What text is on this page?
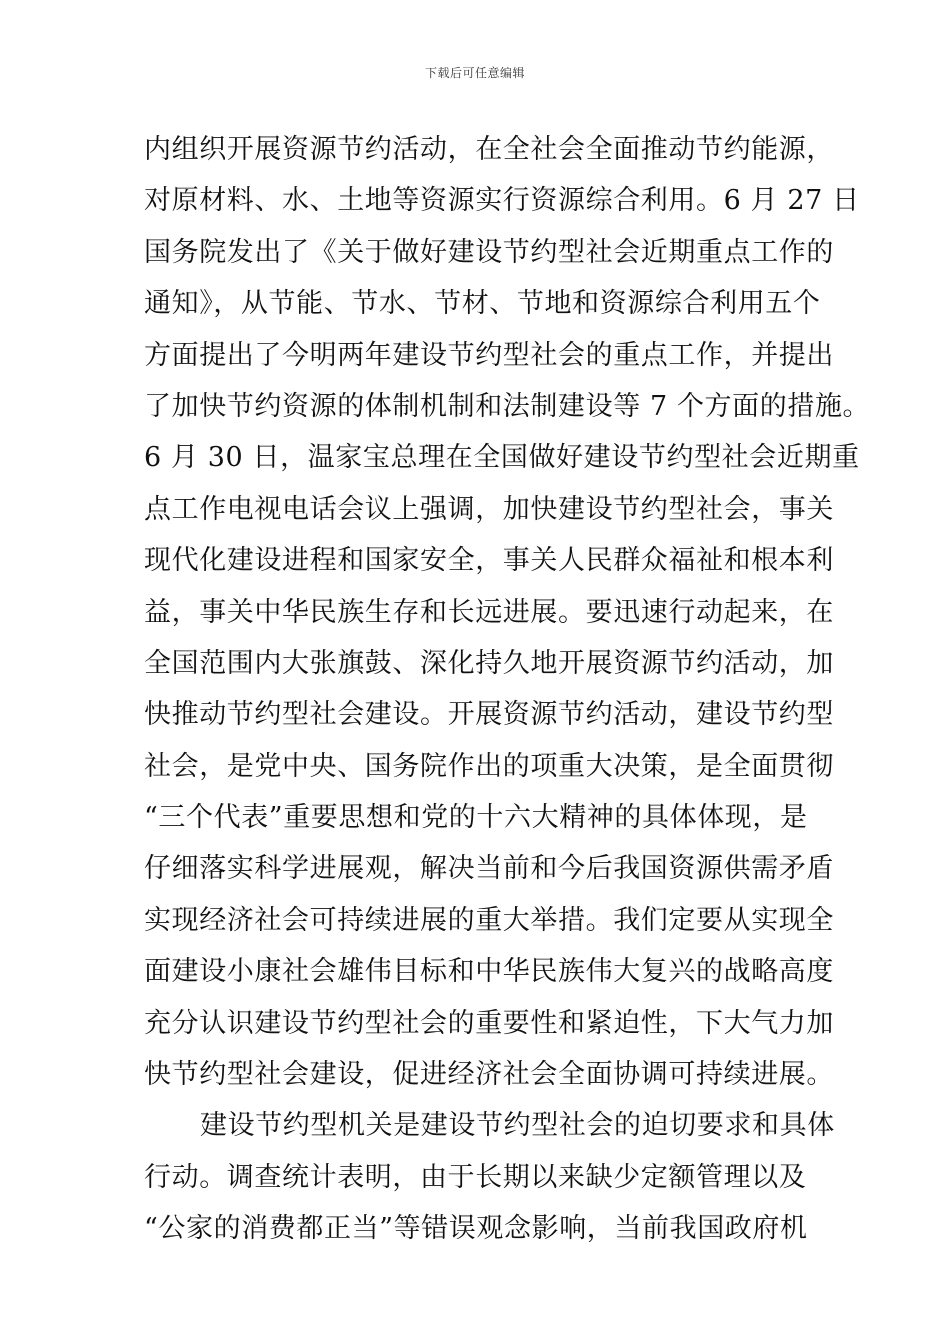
下载后可任意编辑
内组织开展资源节约活动，在全社会全面推动节约能源，
对原材料、水、土地等资源实行资源综合利用。6 月 27 日
国务院发出了《关于做好建设节约型社会近期重点工作的
通知》，从节能、节水、节材、节地和资源综合利用五个
方面提出了今明两年建设节约型社会的重点工作，并提出
了加快节约资源的体制机制和法制建设等 7 个方面的措施。
6 月 30 日，温家宝总理在全国做好建设节约型社会近期重
点工作电视电话会议上强调，加快建设节约型社会，事关
现代化建设进程和国家安全，事关人民群众福祉和根本利
益，事关中华民族生存和长远进展。要迅速行动起来，在
全国范围内大张旗鼓、深化持久地开展资源节约活动，加
快推动节约型社会建设。开展资源节约活动，建设节约型
社会，是党中央、国务院作出的项重大决策，是全面贯彻
“三个代表”重要思想和党的十六大精神的具体体现，是
仔细落实科学进展观，解决当前和今后我国资源供需矛盾
实现经济社会可持续进展的重大举措。我们定要从实现全
面建设小康社会雄伟目标和中华民族伟大复兴的战略高度
充分认识建设节约型社会的重要性和紧迫性，下大气力加
快节约型社会建设，促进经济社会全面协调可持续进展。
建设节约型机关是建设节约型社会的迫切要求和具体
行动。调查统计表明，由于长期以来缺少定额管理以及
“公家的消费都正当”等错误观念影响，当前我国政府机
